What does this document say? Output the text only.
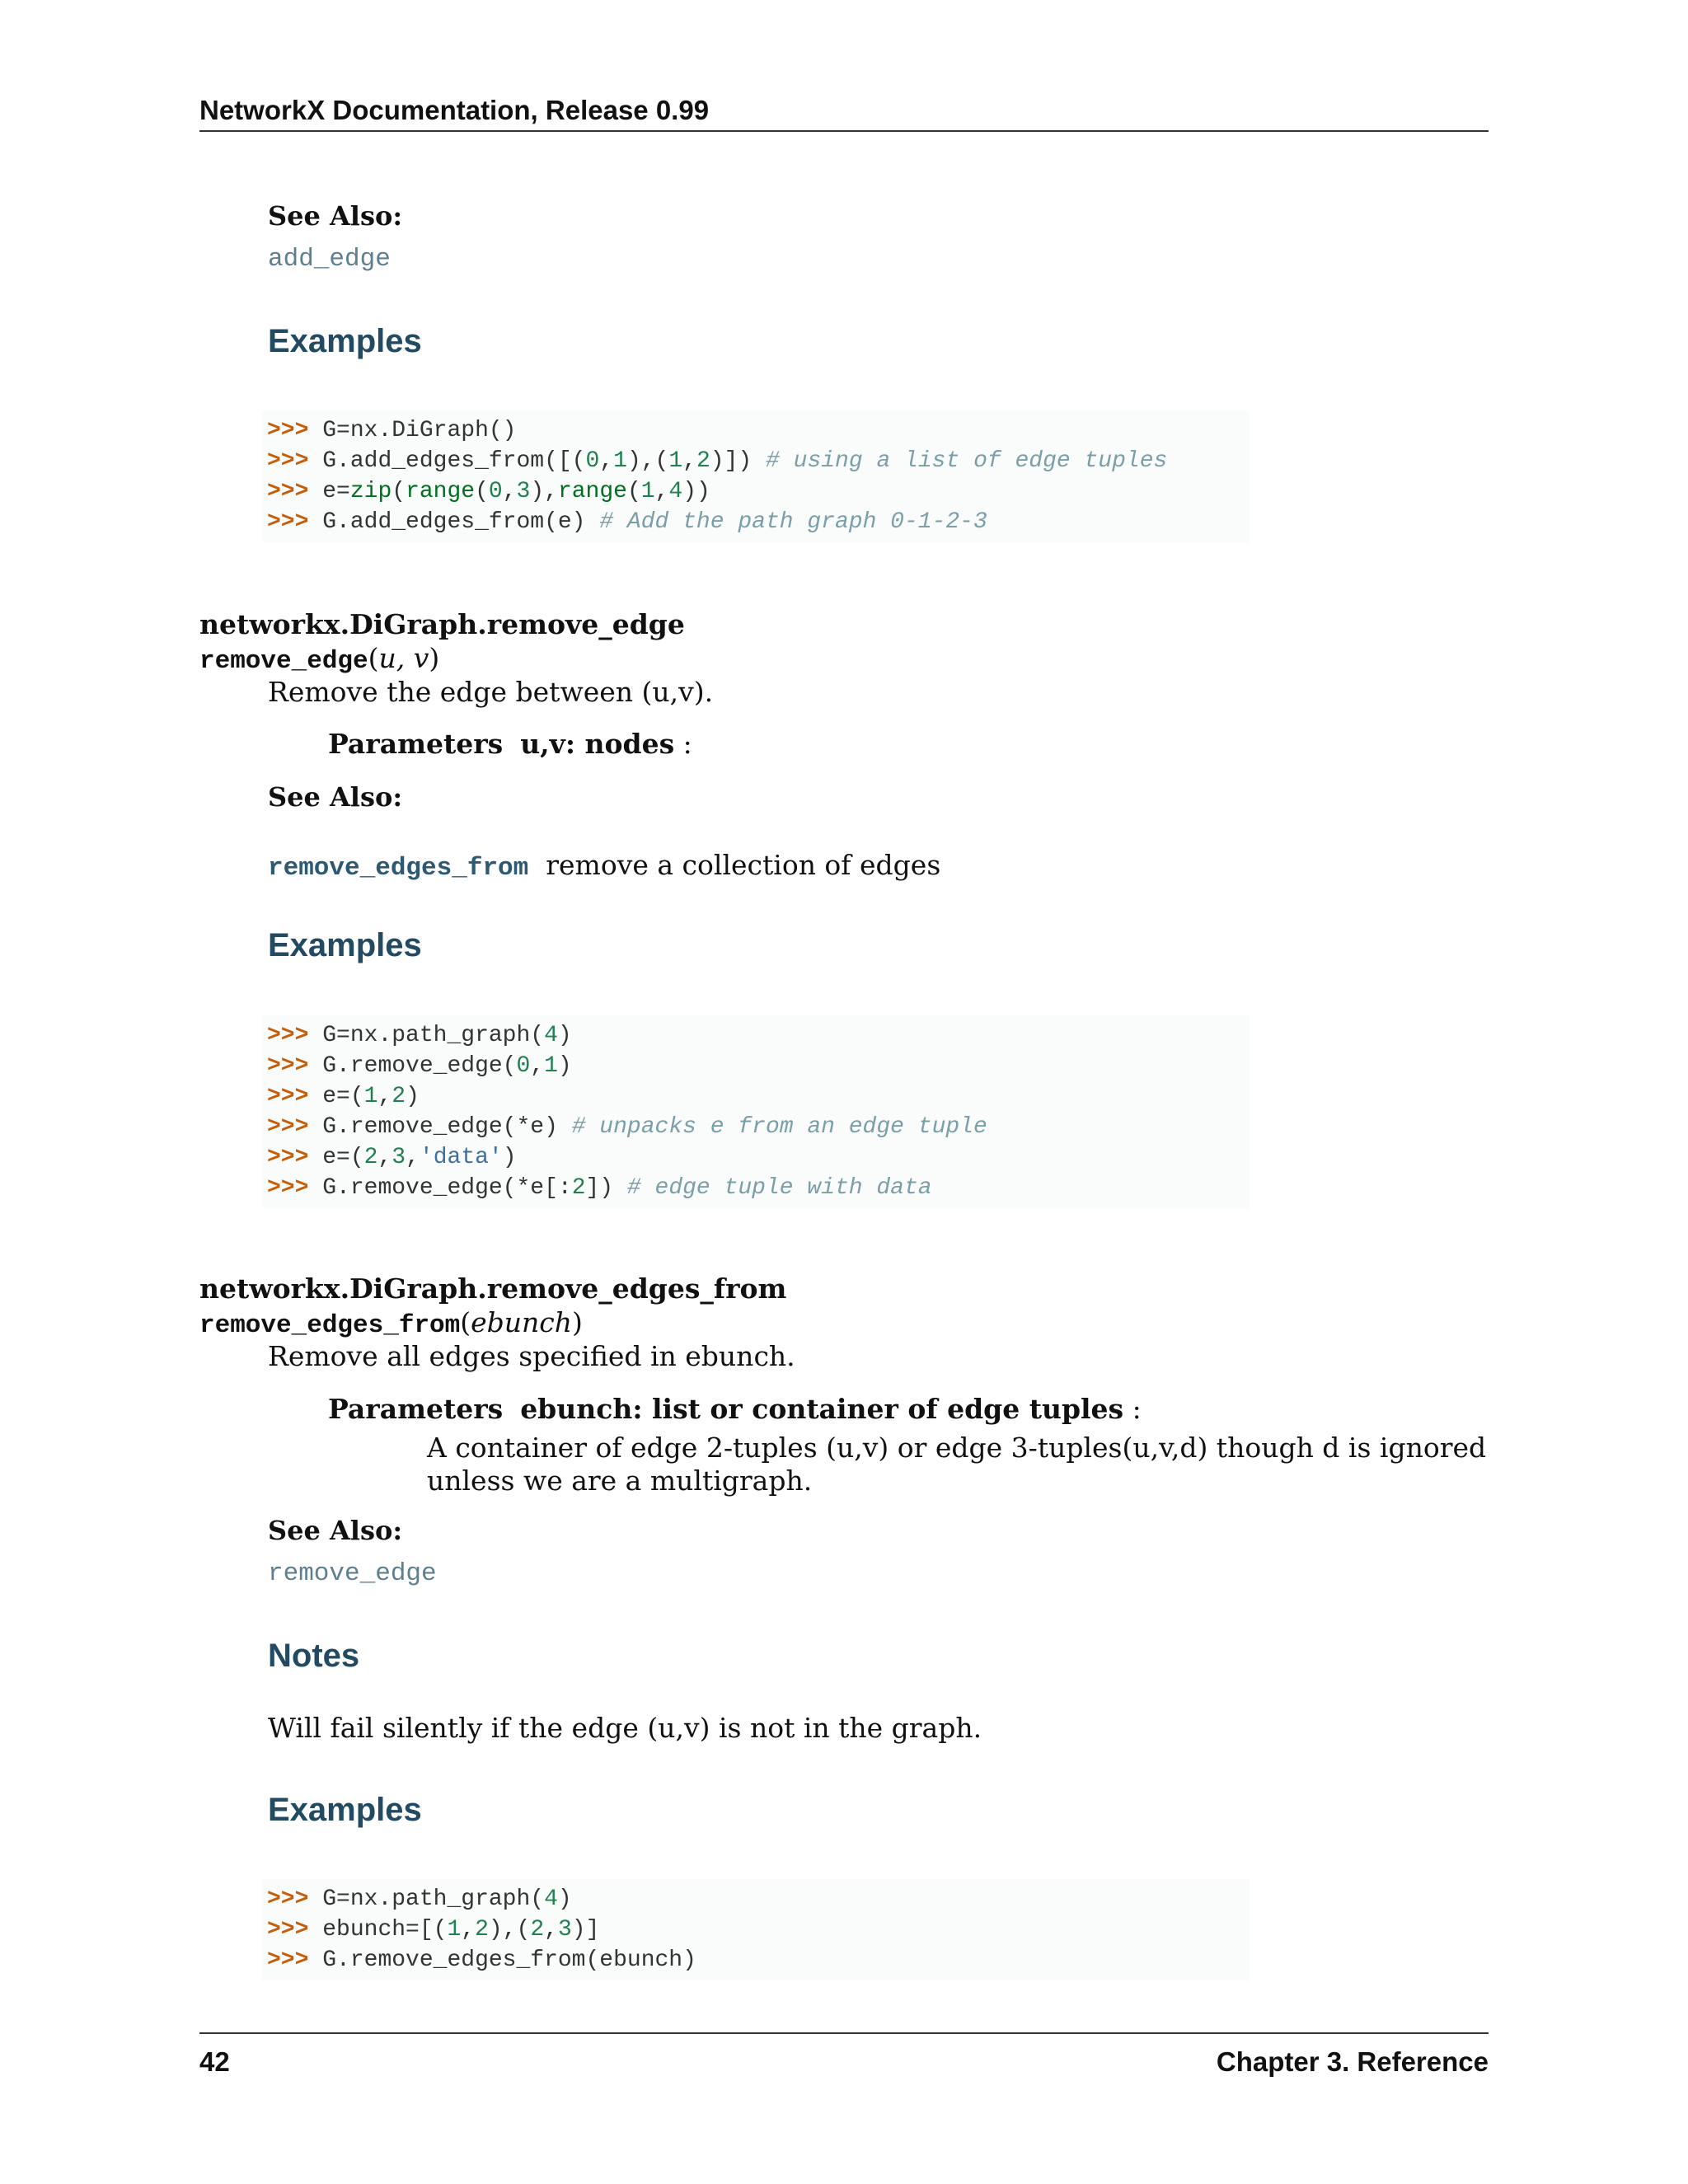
NetworkX Documentation, Release 0.99
See Also:
add_edge
Examples
>>> G=nx.DiGraph()
>>> G.add_edges_from([(0,1),(1,2)]) # using a list of edge tuples
>>> e=zip(range(0,3),range(1,4))
>>> G.add_edges_from(e) # Add the path graph 0-1-2-3
networkx.DiGraph.remove_edge
remove_edge(u, v)
Remove the edge between (u,v).
Parameters u,v: nodes :
See Also:
remove_edges_from remove a collection of edges
Examples
>>> G=nx.path_graph(4)
>>> G.remove_edge(0,1)
>>> e=(1,2)
>>> G.remove_edge(*e) # unpacks e from an edge tuple
>>> e=(2,3,'data')
>>> G.remove_edge(*e[:2]) # edge tuple with data
networkx.DiGraph.remove_edges_from
remove_edges_from(ebunch)
Remove all edges specified in ebunch.
Parameters ebunch: list or container of edge tuples :
A container of edge 2-tuples (u,v) or edge 3-tuples(u,v,d) though d is ignored
unless we are a multigraph.
See Also:
remove_edge
Notes
Will fail silently if the edge (u,v) is not in the graph.
Examples
>>> G=nx.path_graph(4)
>>> ebunch=[(1,2),(2,3)]
>>> G.remove_edges_from(ebunch)
42	Chapter 3. Reference
